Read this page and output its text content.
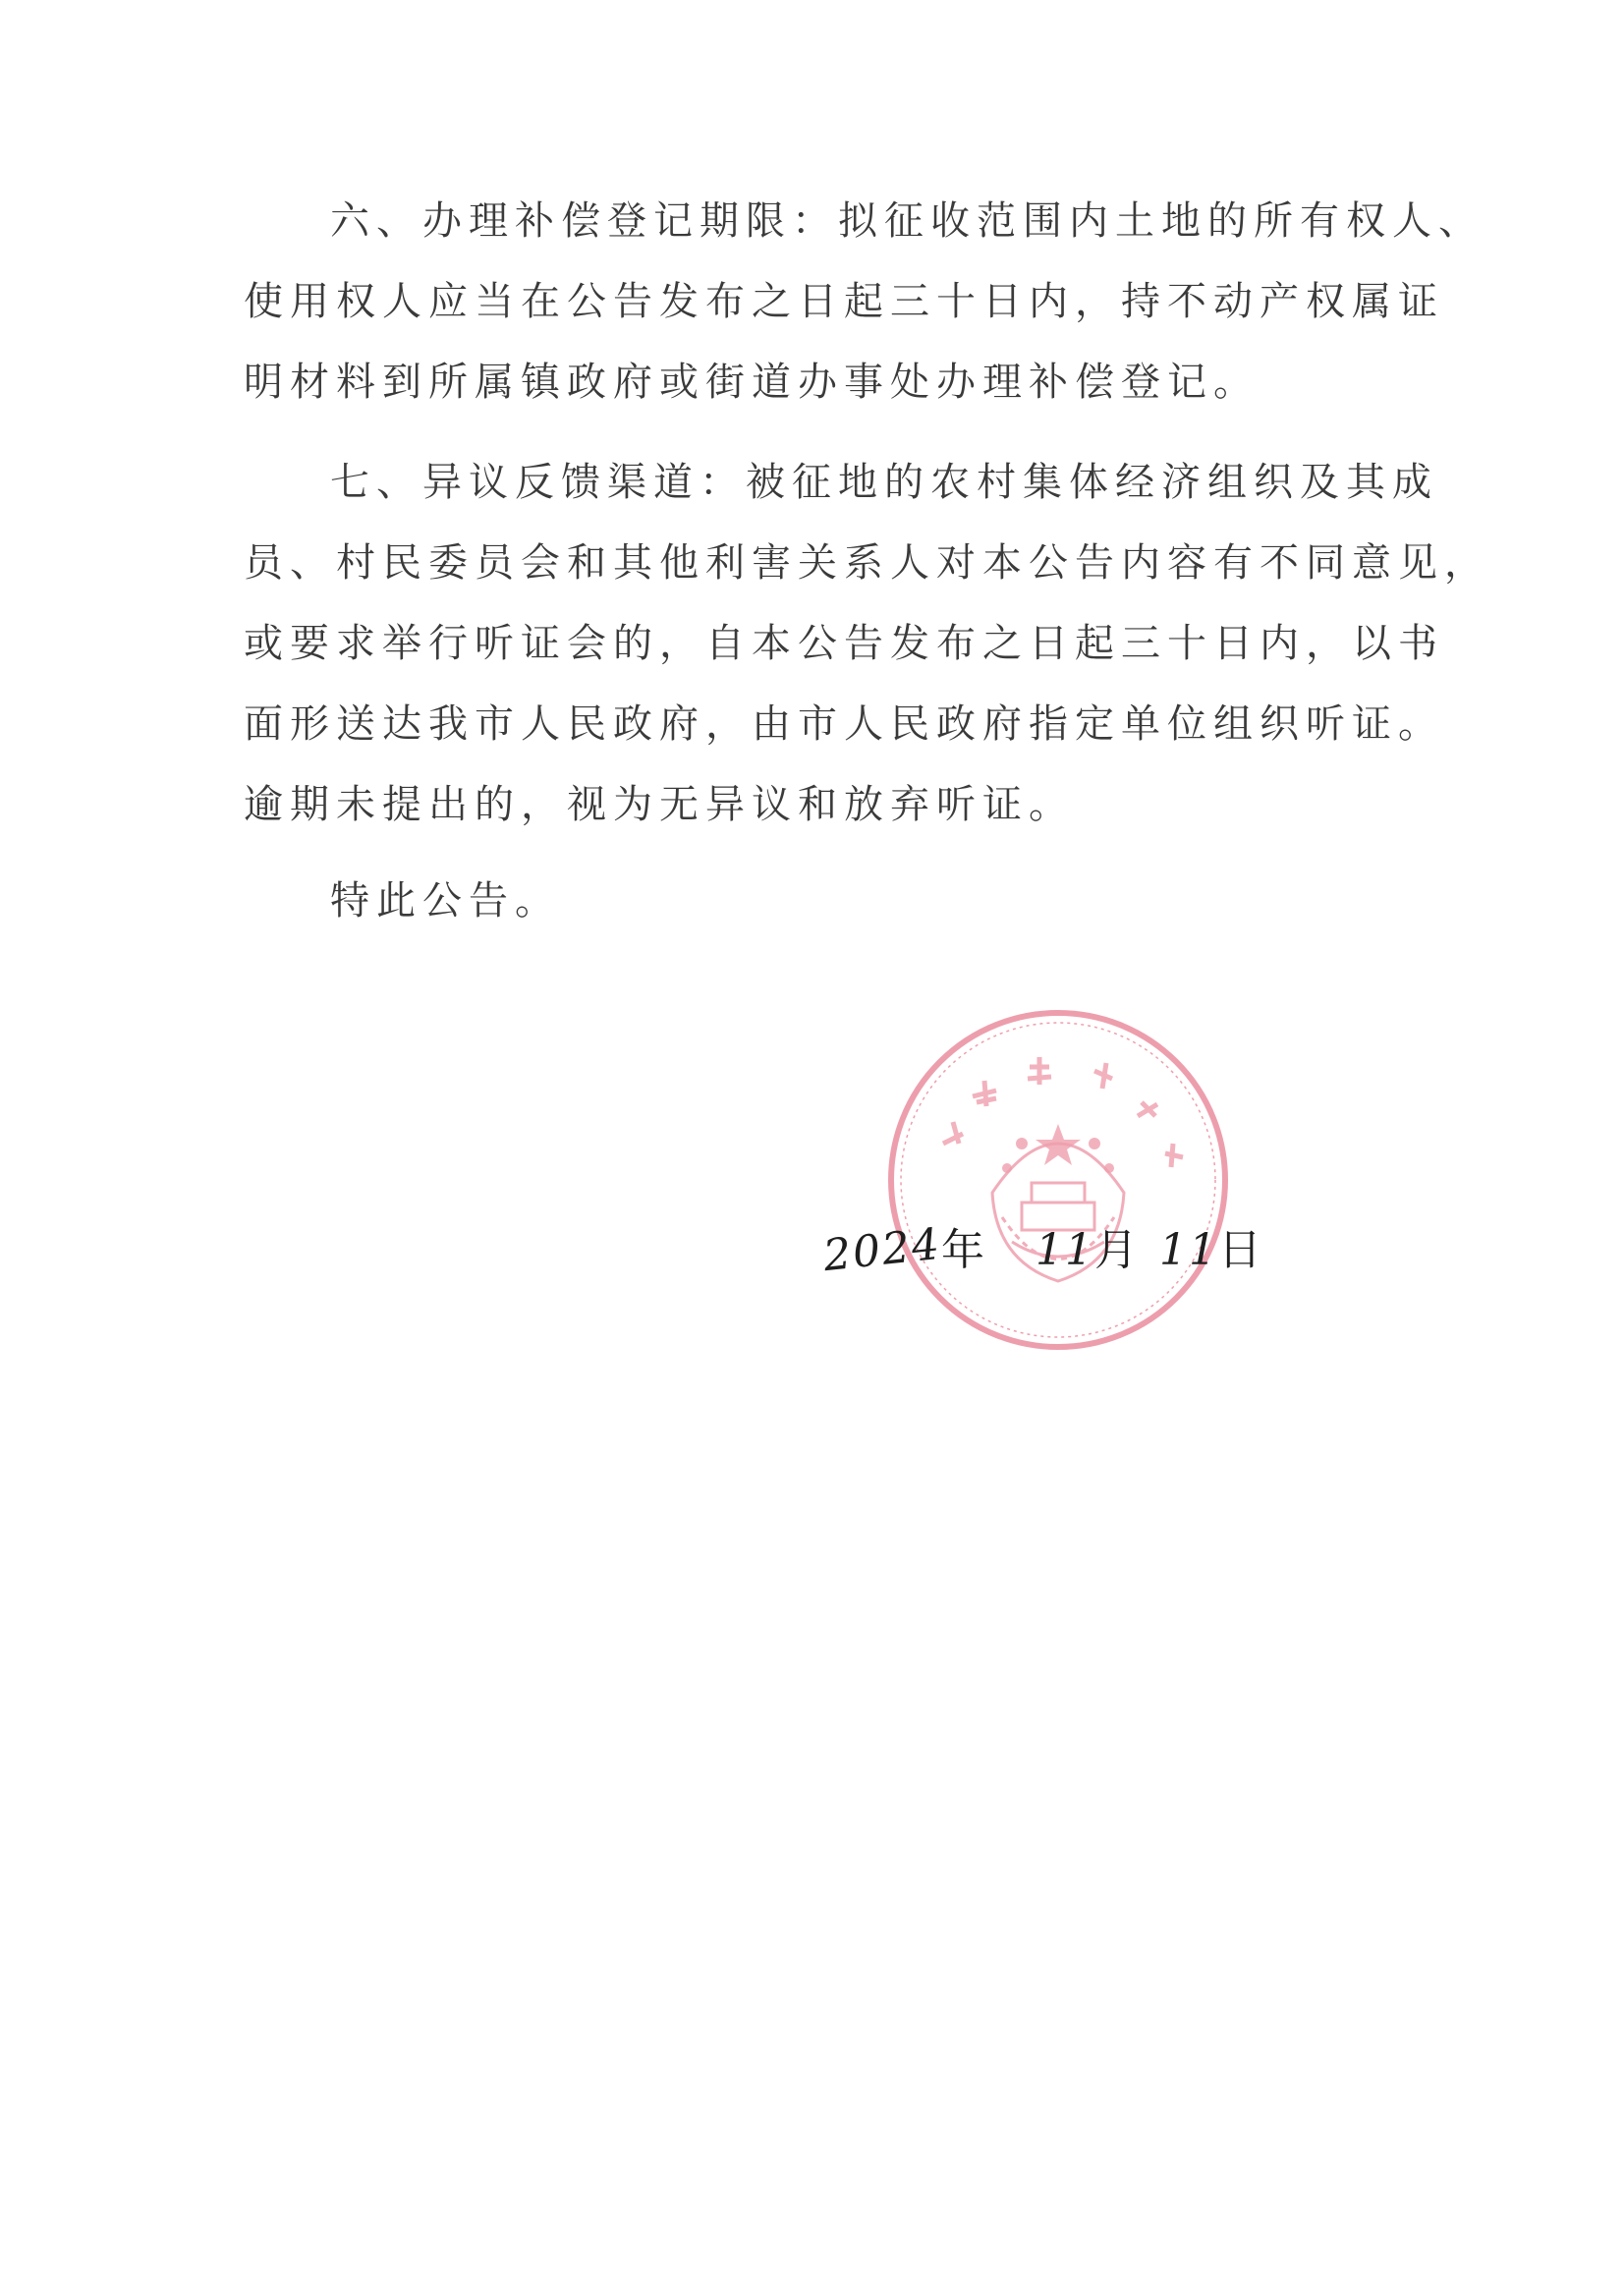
六、办理补偿登记期限：拟征收范围内土地的所有权人、
使用权人应当在公告发布之日起三十日内，持不动产权属证
明材料到所属镇政府或街道办事处办理补偿登记。

七、异议反馈渠道：被征地的农村集体经济组织及其成
员、村民委员会和其他利害关系人对本公告内容有不同意见，
或要求举行听证会的，自本公告发布之日起三十日内，以书
面形送达我市人民政府，由市人民政府指定单位组织听证。
逾期未提出的，视为无异议和放弃听证。

特此公告。

2024年 11月 11日
